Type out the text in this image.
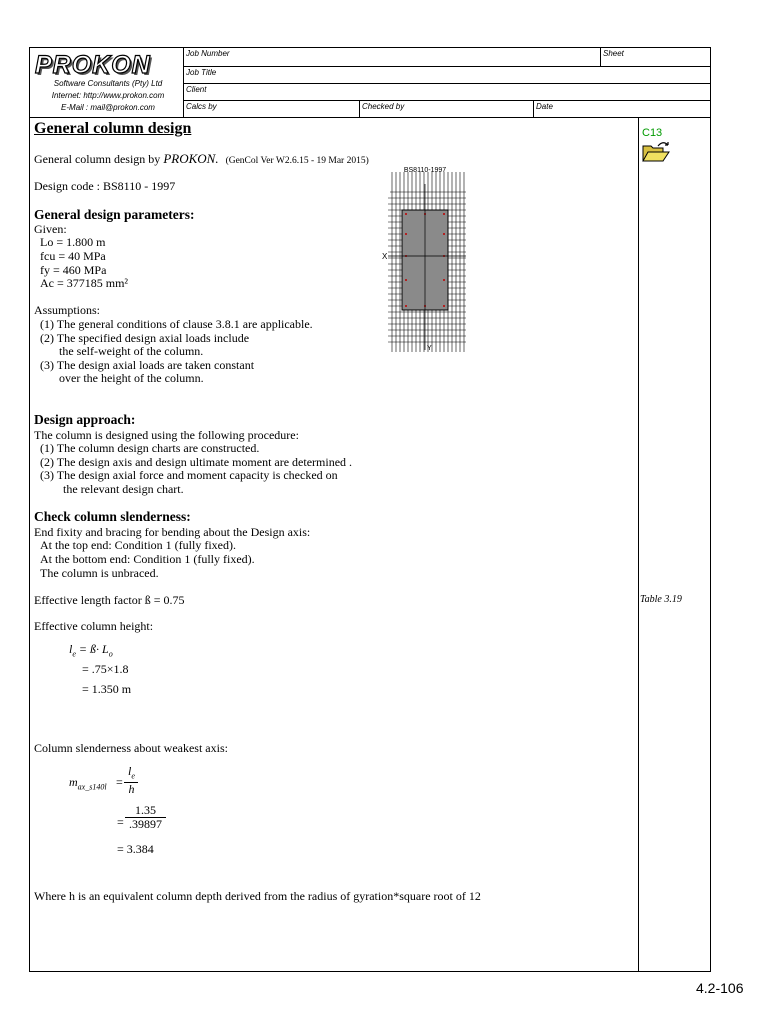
PROKON
Software Consultants (Pty) Ltd
Internet: http://www.prokon.com
E-Mail : mail@prokon.com
Job Number	Sheet
Job Title
Client
Calcs by	Checked by	Date
C13
Table 3.19
General column design
General column design by PROKON. (GenCol Ver W2.6.15 - 19 Mar 2015)
Design code : BS8110 - 1997
General design parameters:
Given:
Lo = 1.800 m
fcu = 40 MPa
fy = 460 MPa
Ac = 377185 mm²
Assumptions:
(1) The general conditions of clause 3.8.1 are applicable.
(2) The specified design axial loads include
the self-weight of the column.
(3) The design axial loads are taken constant
over the height of the column.
Design approach:
The column is designed using the following procedure:
(1) The column design charts are constructed.
(2) The design axis and design ultimate moment are determined .
(3) The design axial force and moment capacity is checked on
the relevant design chart.
Check column slenderness:
End fixity and bracing for bending about the Design axis:
At the top end: Condition 1 (fully fixed).
At the bottom end: Condition 1 (fully fixed).
The column is unbraced.
Effective length factor ß = 0.75
Effective column height:
$l_e$ = ß· $L_o$
= .75×1.8
= 1.350 m
Column slenderness about weakest axis:
$m_{ax\_s140l} = \frac{l_e}{h}$
= $\frac{1.35}{.39897}$
= 3.384
Where h is an equivalent column depth derived from the radius of gyration*square root of 12
BS8110-1997
X
Y
4.2-106
